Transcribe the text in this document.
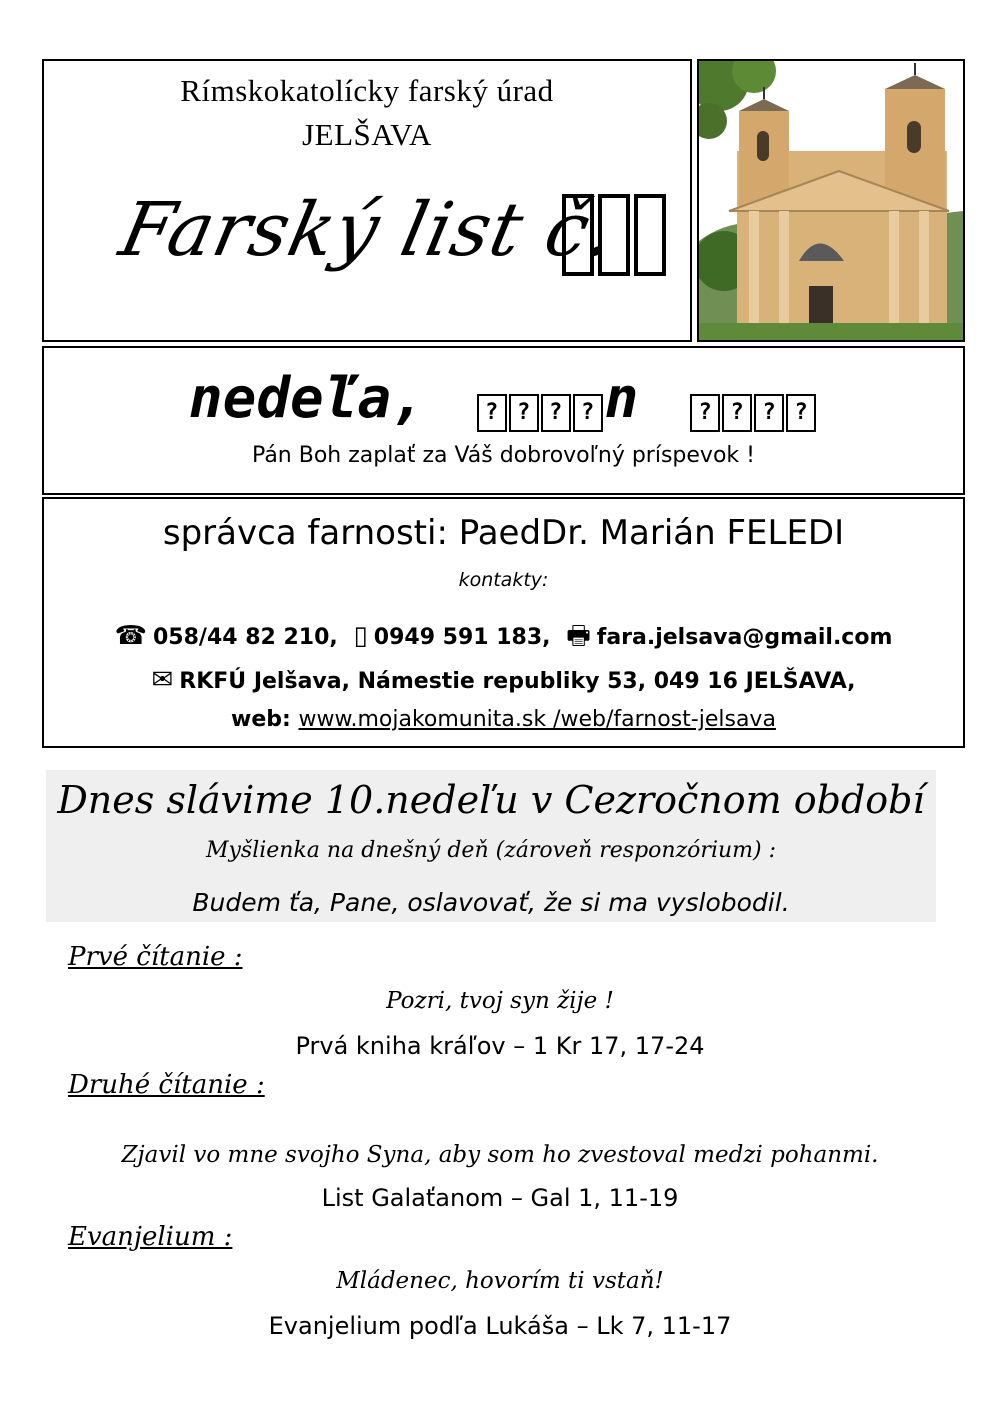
Rímskokatolícky farský úrad
JELŠAVA
Farský list č.
nedeľa,	? ? ? ? n	? ? ? ?
Pán Boh zaplať za Váš dobrovoľný príspevok !
správca farnosti: PaedDr. Marián FELEDI
kontakty:
☎ 058/44 82 210, ▯ 0949 591 183, 🖶 fara.jelsava@gmail.com
✉ RKFÚ Jelšava, Námestie republiky 53, 049 16 JELŠAVA,
web: www.mojakomunita.sk /web/farnost-jelsava
Dnes slávime 10.nedeľu v Cezročnom období
Myšlienka na dnešný deň (zároveň responzórium) :
Budem ťa, Pane, oslavovať, že si ma vyslobodil.
Prvé čítanie :
Pozri, tvoj syn žije !
Prvá kniha kráľov – 1 Kr 17, 17-24
Druhé čítanie :
Zjavil vo mne svojho Syna, aby som ho zvestoval medzi pohanmi.
List Galaťanom – Gal 1, 11-19
Evanjelium :
Mládenec, hovorím ti vstaň!
Evanjelium podľa Lukáša – Lk 7, 11-17
